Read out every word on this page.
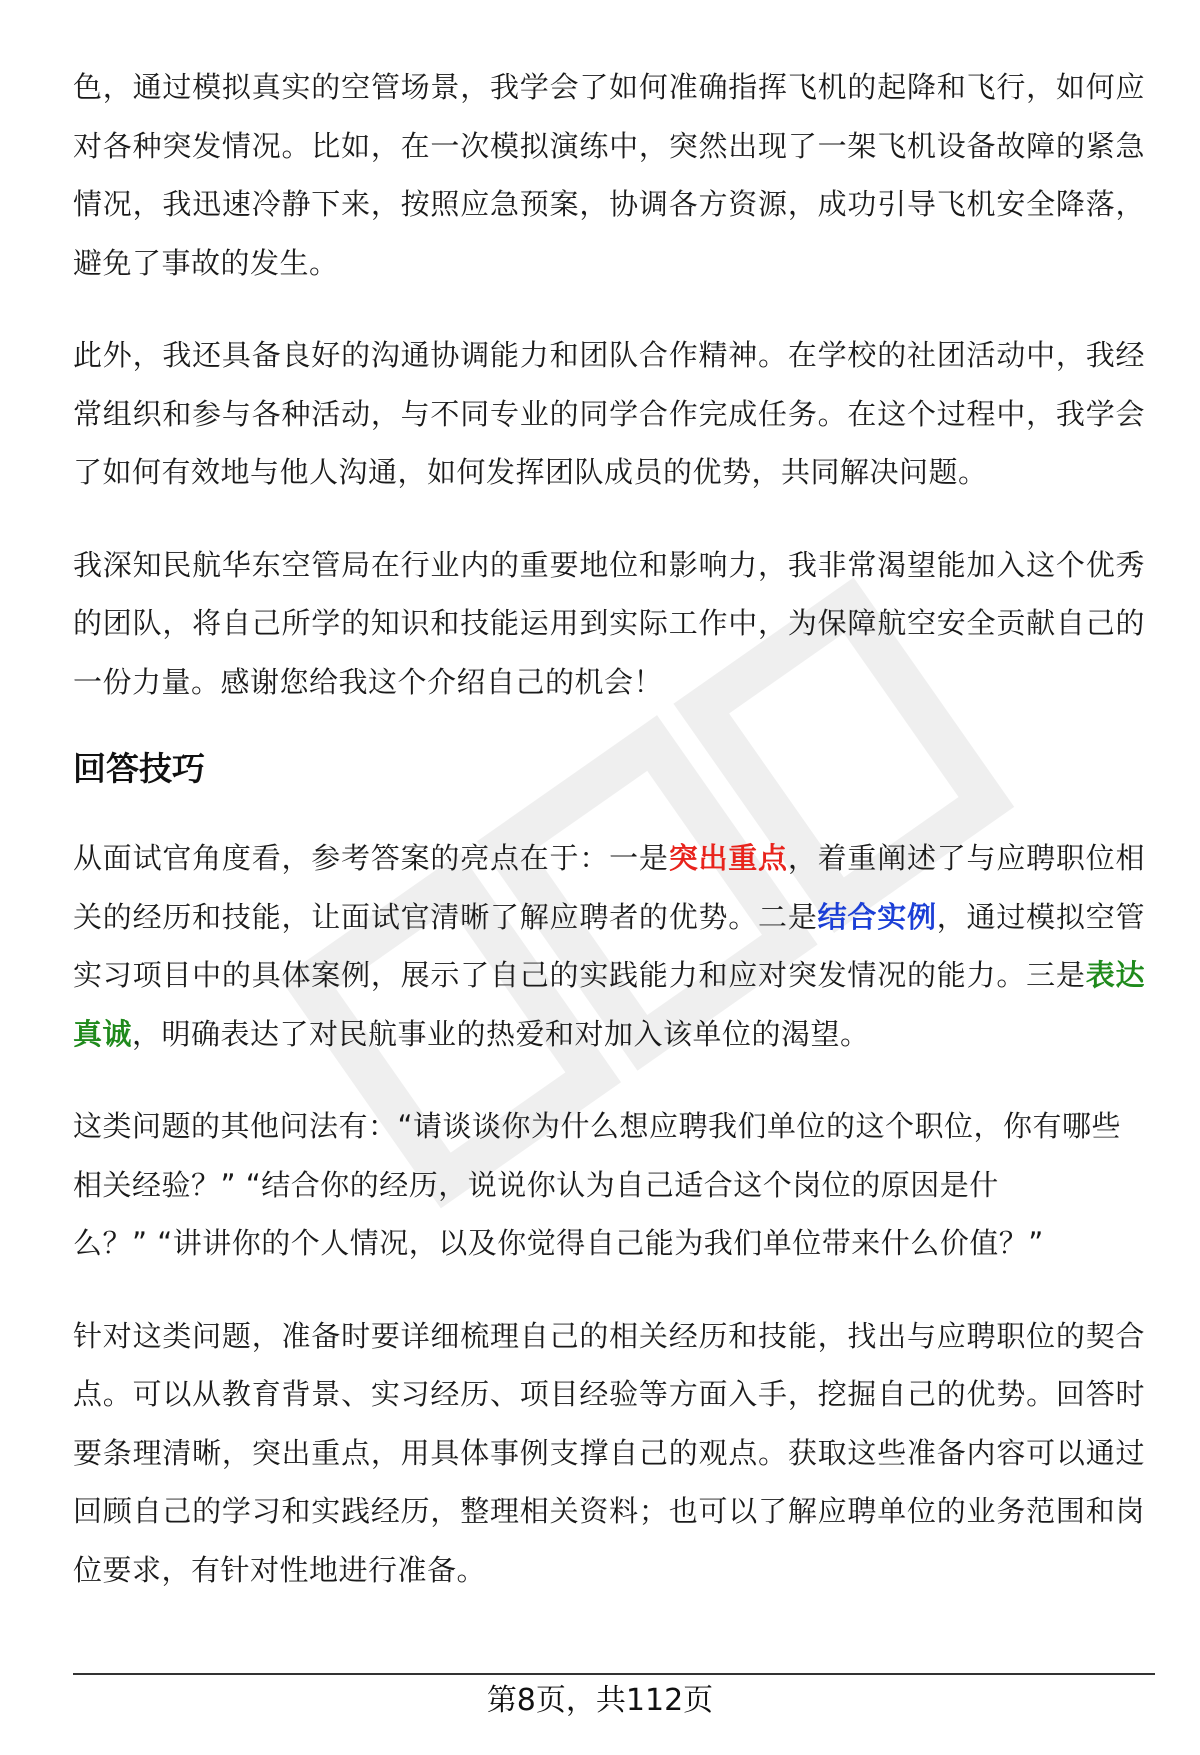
色，通过模拟真实的空管场景，我学会了如何准确指挥飞机的起降和飞行，如何应对各种突发情况。比如，在一次模拟演练中，突然出现了一架飞机设备故障的紧急情况，我迅速冷静下来，按照应急预案，协调各方资源，成功引导飞机安全降落，避免了事故的发生。

此外，我还具备良好的沟通协调能力和团队合作精神。在学校的社团活动中，我经常组织和参与各种活动，与不同专业的同学合作完成任务。在这个过程中，我学会了如何有效地与他人沟通，如何发挥团队成员的优势，共同解决问题。

我深知民航华东空管局在行业内的重要地位和影响力，我非常渴望能加入这个优秀的团队，将自己所学的知识和技能运用到实际工作中，为保障航空安全贡献自己的一份力量。感谢您给我这个介绍自己的机会！

回答技巧

从面试官角度看，参考答案的亮点在于：一是突出重点，着重阐述了与应聘职位相关的经历和技能，让面试官清晰了解应聘者的优势。二是结合实例，通过模拟空管实习项目中的具体案例，展示了自己的实践能力和应对突发情况的能力。三是表达真诚，明确表达了对民航事业的热爱和对加入该单位的渴望。

这类问题的其他问法有：“请谈谈你为什么想应聘我们单位的这个职位，你有哪些相关经验？” “结合你的经历，说说你认为自己适合这个岗位的原因是什
么？” “讲讲你的个人情况，以及你觉得自己能为我们单位带来什么价值？”

针对这类问题，准备时要详细梳理自己的相关经历和技能，找出与应聘职位的契合点。可以从教育背景、实习经历、项目经验等方面入手，挖掘自己的优势。回答时要条理清晰，突出重点，用具体事例支撑自己的观点。获取这些准备内容可以通过回顾自己的学习和实践经历，整理相关资料；也可以了解应聘单位的业务范围和岗位要求，有针对性地进行准备。

第8页，共112页
